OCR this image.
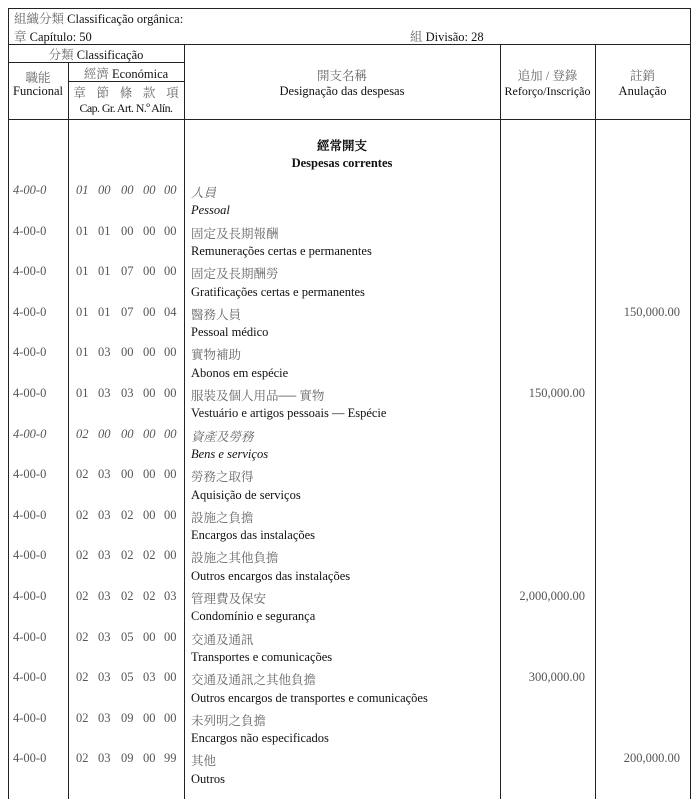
組織分類 Classificação orgânica:
章 Capítulo: 50	組 Divisão: 28
分類 Classificação
職能
Funcional
經濟 Económica
章 節 條 款 項
Cap. Gr. Art. N.º Alín.
開支名稱
Designação das despesas
追加 / 登錄
Reforço/Inscrição
註銷
Anulação
經常開支
Despesas correntes
4-00-0 01 00 00 00 00 人員
Pessoal
4-00-0 01 01 00 00 00 固定及長期報酬
Remunerações certas e permanentes
4-00-0 01 01 07 00 00 固定及長期酬勞
Gratificações certas e permanentes
4-00-0 01 01 07 00 04 醫務人員
Pessoal médico
150,000.00
4-00-0 01 03 00 00 00 實物補助
Abonos em espécie
4-00-0 01 03 03 00 00 服裝及個人用品── 實物
Vestuário e artigos pessoais — Espécie
150,000.00
4-00-0 02 00 00 00 00 資產及勞務
Bens e serviços
4-00-0 02 03 00 00 00 勞務之取得
Aquisição de serviços
4-00-0 02 03 02 00 00 設施之負擔
Encargos das instalações
4-00-0 02 03 02 02 00 設施之其他負擔
Outros encargos das instalações
4-00-0 02 03 02 02 03 管理費及保安
Condomínio e segurança
2,000,000.00
4-00-0 02 03 05 00 00 交通及通訊
Transportes e comunicações
4-00-0 02 03 05 03 00 交通及通訊之其他負擔
Outros encargos de transportes e comunicações
300,000.00
4-00-0 02 03 09 00 00 未列明之負擔
Encargos não especificados
4-00-0 02 03 09 00 99 其他
Outros
200,000.00
